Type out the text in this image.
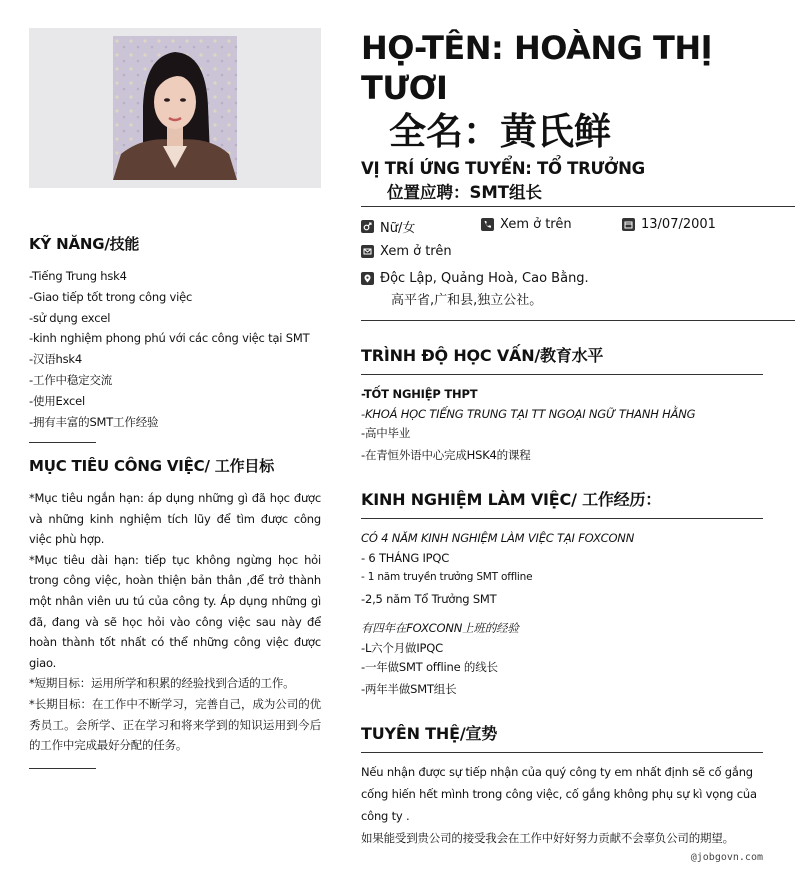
KỸ NĂNG/技能
-Tiếng Trung hsk4
-Giao tiếp tốt trong công việc
-sử dụng excel
-kinh nghiệm phong phú với các công việc tại SMT
-汉语hsk4
-工作中稳定交流
-使用Excel
-拥有丰富的SMT工作经验
MỤC TIÊU CÔNG VIỆC/ 工作目标

*Mục tiêu ngắn hạn: áp dụng những gì đã học được và những kinh nghiệm tích lũy để tìm được công việc phù hợp.

*Mục tiêu dài hạn: tiếp tục không ngừng học hỏi trong công việc, hoàn thiện bản thân ,để trở thành một nhân viên ưu tú của công ty. Áp dụng những gì đã, đang và sẽ học hỏi vào công việc sau này để hoàn thành tốt nhất có thể những công việc được giao.

*短期目标：运用所学和积累的经验找到合适的工作。

*长期目标：在工作中不断学习，完善自己，成为公司的优秀员工。会所学、正在学习和将来学到的知识运用到今后的工作中完成最好分配的任务。

HỌ-TÊN: HOÀNG THỊ TƯƠI
全名：黄氏鲜
VỊ TRÍ ỨNG TUYỂN: TỔ TRƯỞNG
位置应聘：SMT组长
Nữ/女	Xem ở trên	13/07/2001
Xem ở trên
Độc Lập, Quảng Hoà, Cao Bằng.
高平省,广和县,独立公社。
TRÌNH ĐỘ HỌC VẤN/教育水平

-TỐT NGHIỆP THPT

-KHOÁ HỌC TIẾNG TRUNG TẠI TT NGOẠI NGỮ THANH HẰNG

-高中毕业

-在青恒外语中心完成HSK4的课程

KINH NGHIỆM LÀM VIỆC/ 工作经历：

CÓ 4 NĂM KINH NGHIỆM LÀM VIỆC TẠI FOXCONN

- 6 THÁNG IPQC

- 1 năm truyền trưởng SMT offline

-2,5 năm Tổ Trưởng SMT

有四年在FOXCONN上班的经验

-L六个月做IPQC

-一年做SMT offline 的线长

-两年半做SMT组长

TUYÊN THỆ/宣势

Nếu nhận được sự tiếp nhận của quý công ty em nhất định sẽ cố gắng cống hiến hết mình trong công việc, cố gắng không phụ sự kì vọng của công ty .

如果能受到贵公司的接受我会在工作中好好努力贡献不会辜负公司的期望。

@jobgovn.com
